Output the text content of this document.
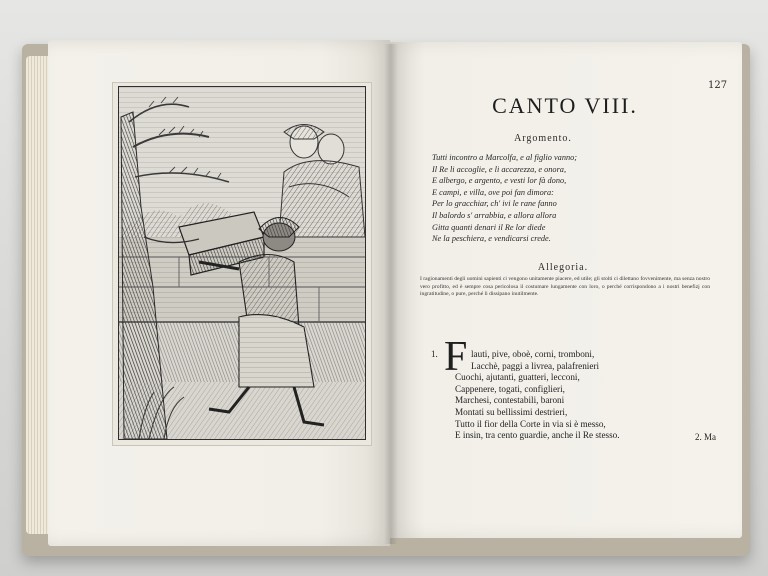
127
CANTO VIII.
Argomento.
Tutti incontro a Marcolfa, e al figlio vanno;
Il Re li accoglie, e li accarezza, e onora,
E albergo, e argento, e vesti lor fà dono,
E campi, e villa, ove poi fan dimora:
Per lo gracchiar, ch' ivi le rane fanno
Il balordo s' arrabbia, e allora allora
Gitta quanti denari il Re lor diede
Ne la peschiera, e vendicarsi crede.
Allegoria.
I ragionamenti degli uomini sapienti ci vengono unitamente piacere, ed utile; gli stolti ci dilettano fovvenimente, ma senza nostro vero profitto, ed è sempre cosa pericolosa il costumare lungamente con loro, o perché corrispondono a i nostri benefizj con ingratitudine, o pure, perché li dissipano inutilmente.
1. F lauti, pive, oboè, corni, tromboni,
Lacchè, paggi a livrea, palafrenieri
Cuochi, ajutanti, guatteri, lecconi,
Cappenere, togati, configlieri,
Marchesi, contestabili, baroni
Montati su bellissimi destrieri,
Tutto il fior della Corte in via si è messo,
E insin, tra cento guardie, anche il Re stesso.	2. Ma
